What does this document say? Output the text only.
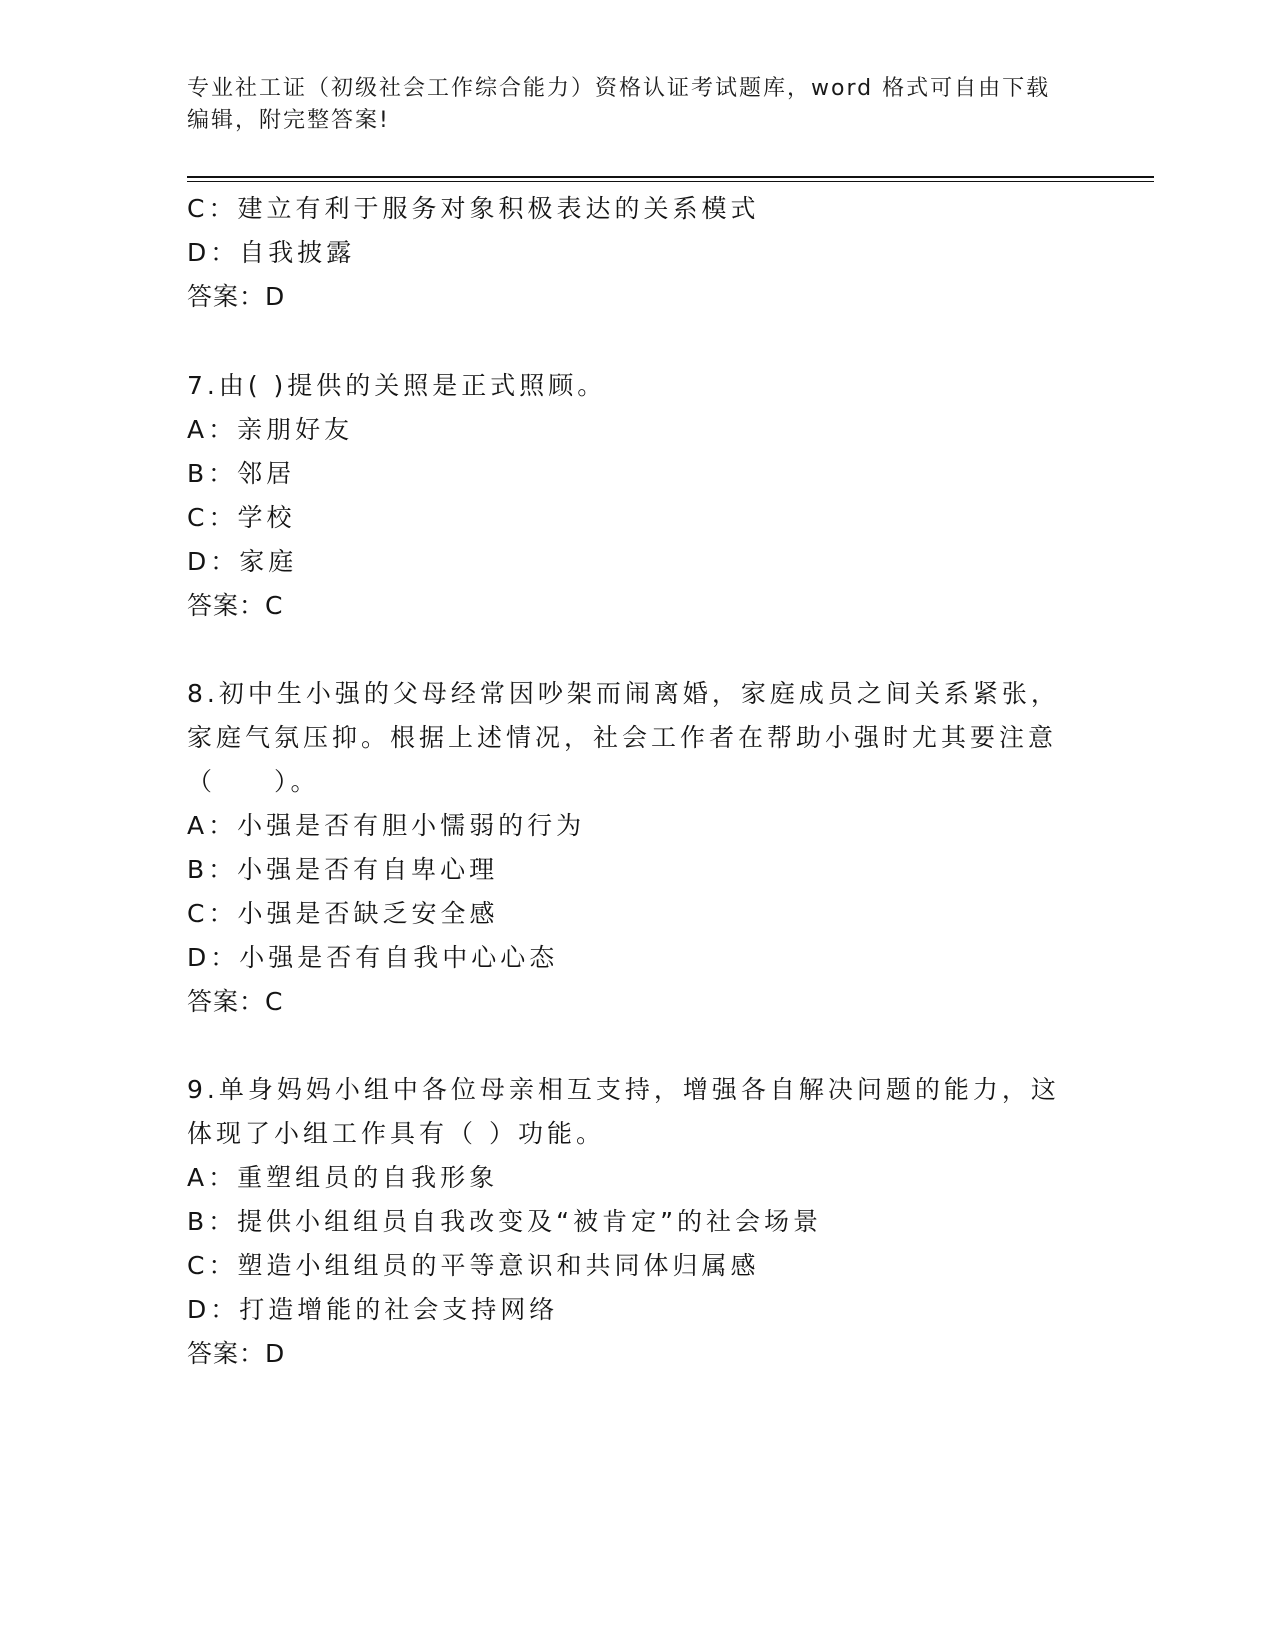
专业社工证（初级社会工作综合能力）资格认证考试题库，word 格式可自由下载
编辑，附完整答案!
C：建立有利于服务对象积极表达的关系模式
D：自我披露
答案：D
7.由( )提供的关照是正式照顾。
A：亲朋好友
B：邻居
C：学校
D：家庭
答案：C
8.初中生小强的父母经常因吵架而闹离婚，家庭成员之间关系紧张，
家庭气氛压抑。根据上述情况，社会工作者在帮助小强时尤其要注意
（　　）。
A：小强是否有胆小懦弱的行为
B：小强是否有自卑心理
C：小强是否缺乏安全感
D：小强是否有自我中心心态
答案：C
9.单身妈妈小组中各位母亲相互支持，增强各自解决问题的能力，这
体现了小组工作具有（ ）功能。
A：重塑组员的自我形象
B：提供小组组员自我改变及“被肯定”的社会场景
C：塑造小组组员的平等意识和共同体归属感
D：打造增能的社会支持网络
答案：D
